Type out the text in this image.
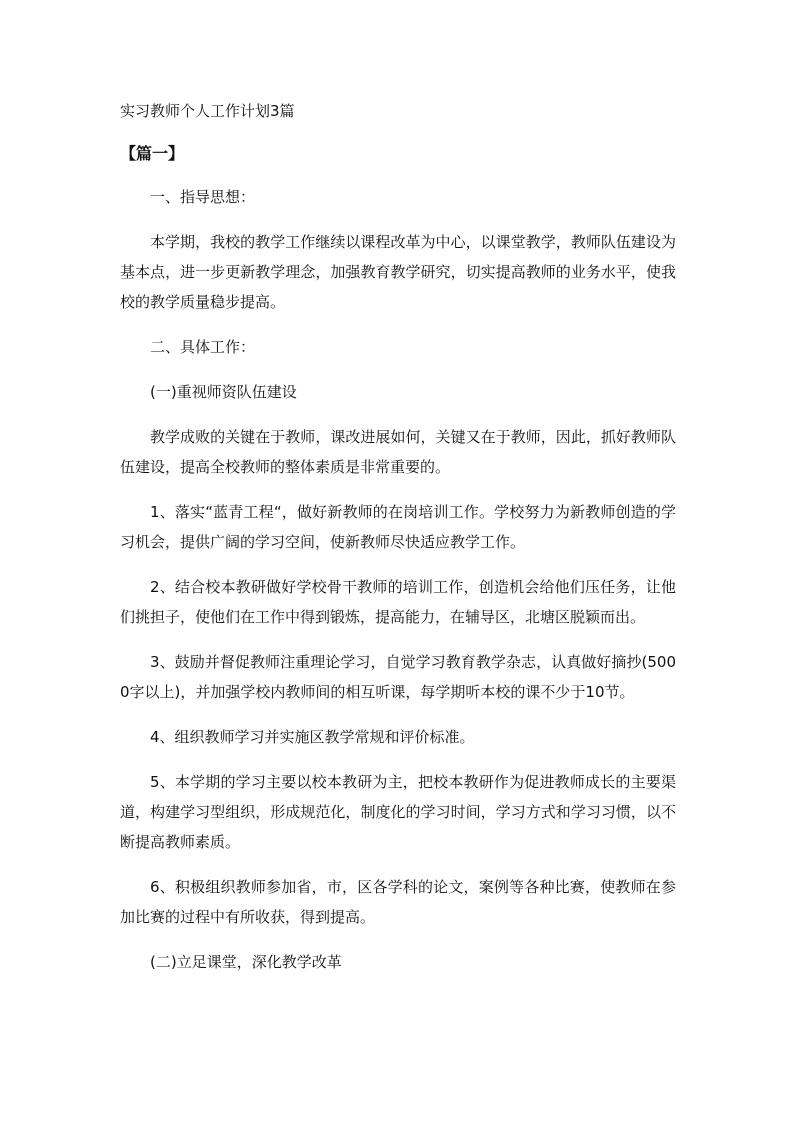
实习教师个人工作计划3篇
【篇一】

一、指导思想：

本学期，我校的教学工作继续以课程改革为中心，以课堂教学，教师队伍建设为基本点，进一步更新教学理念，加强教育教学研究，切实提高教师的业务水平，使我校的教学质量稳步提高。

二、具体工作：

(一)重视师资队伍建设

教学成败的关键在于教师，课改进展如何，关键又在于教师，因此，抓好教师队伍建设，提高全校教师的整体素质是非常重要的。

1、落实“蓝青工程“，做好新教师的在岗培训工作。学校努力为新教师创造的学习机会，提供广阔的学习空间，使新教师尽快适应教学工作。

2、结合校本教研做好学校骨干教师的培训工作，创造机会给他们压任务，让他们挑担子，使他们在工作中得到锻炼，提高能力，在辅导区，北塘区脱颖而出。

3、鼓励并督促教师注重理论学习，自觉学习教育教学杂志，认真做好摘抄(5000字以上)，并加强学校内教师间的相互听课，每学期听本校的课不少于10节。

4、组织教师学习并实施区教学常规和评价标准。

5、本学期的学习主要以校本教研为主，把校本教研作为促进教师成长的主要渠道，构建学习型组织，形成规范化，制度化的学习时间，学习方式和学习习惯，以不断提高教师素质。

6、积极组织教师参加省，市，区各学科的论文，案例等各种比赛，使教师在参加比赛的过程中有所收获，得到提高。

(二)立足课堂，深化教学改革
